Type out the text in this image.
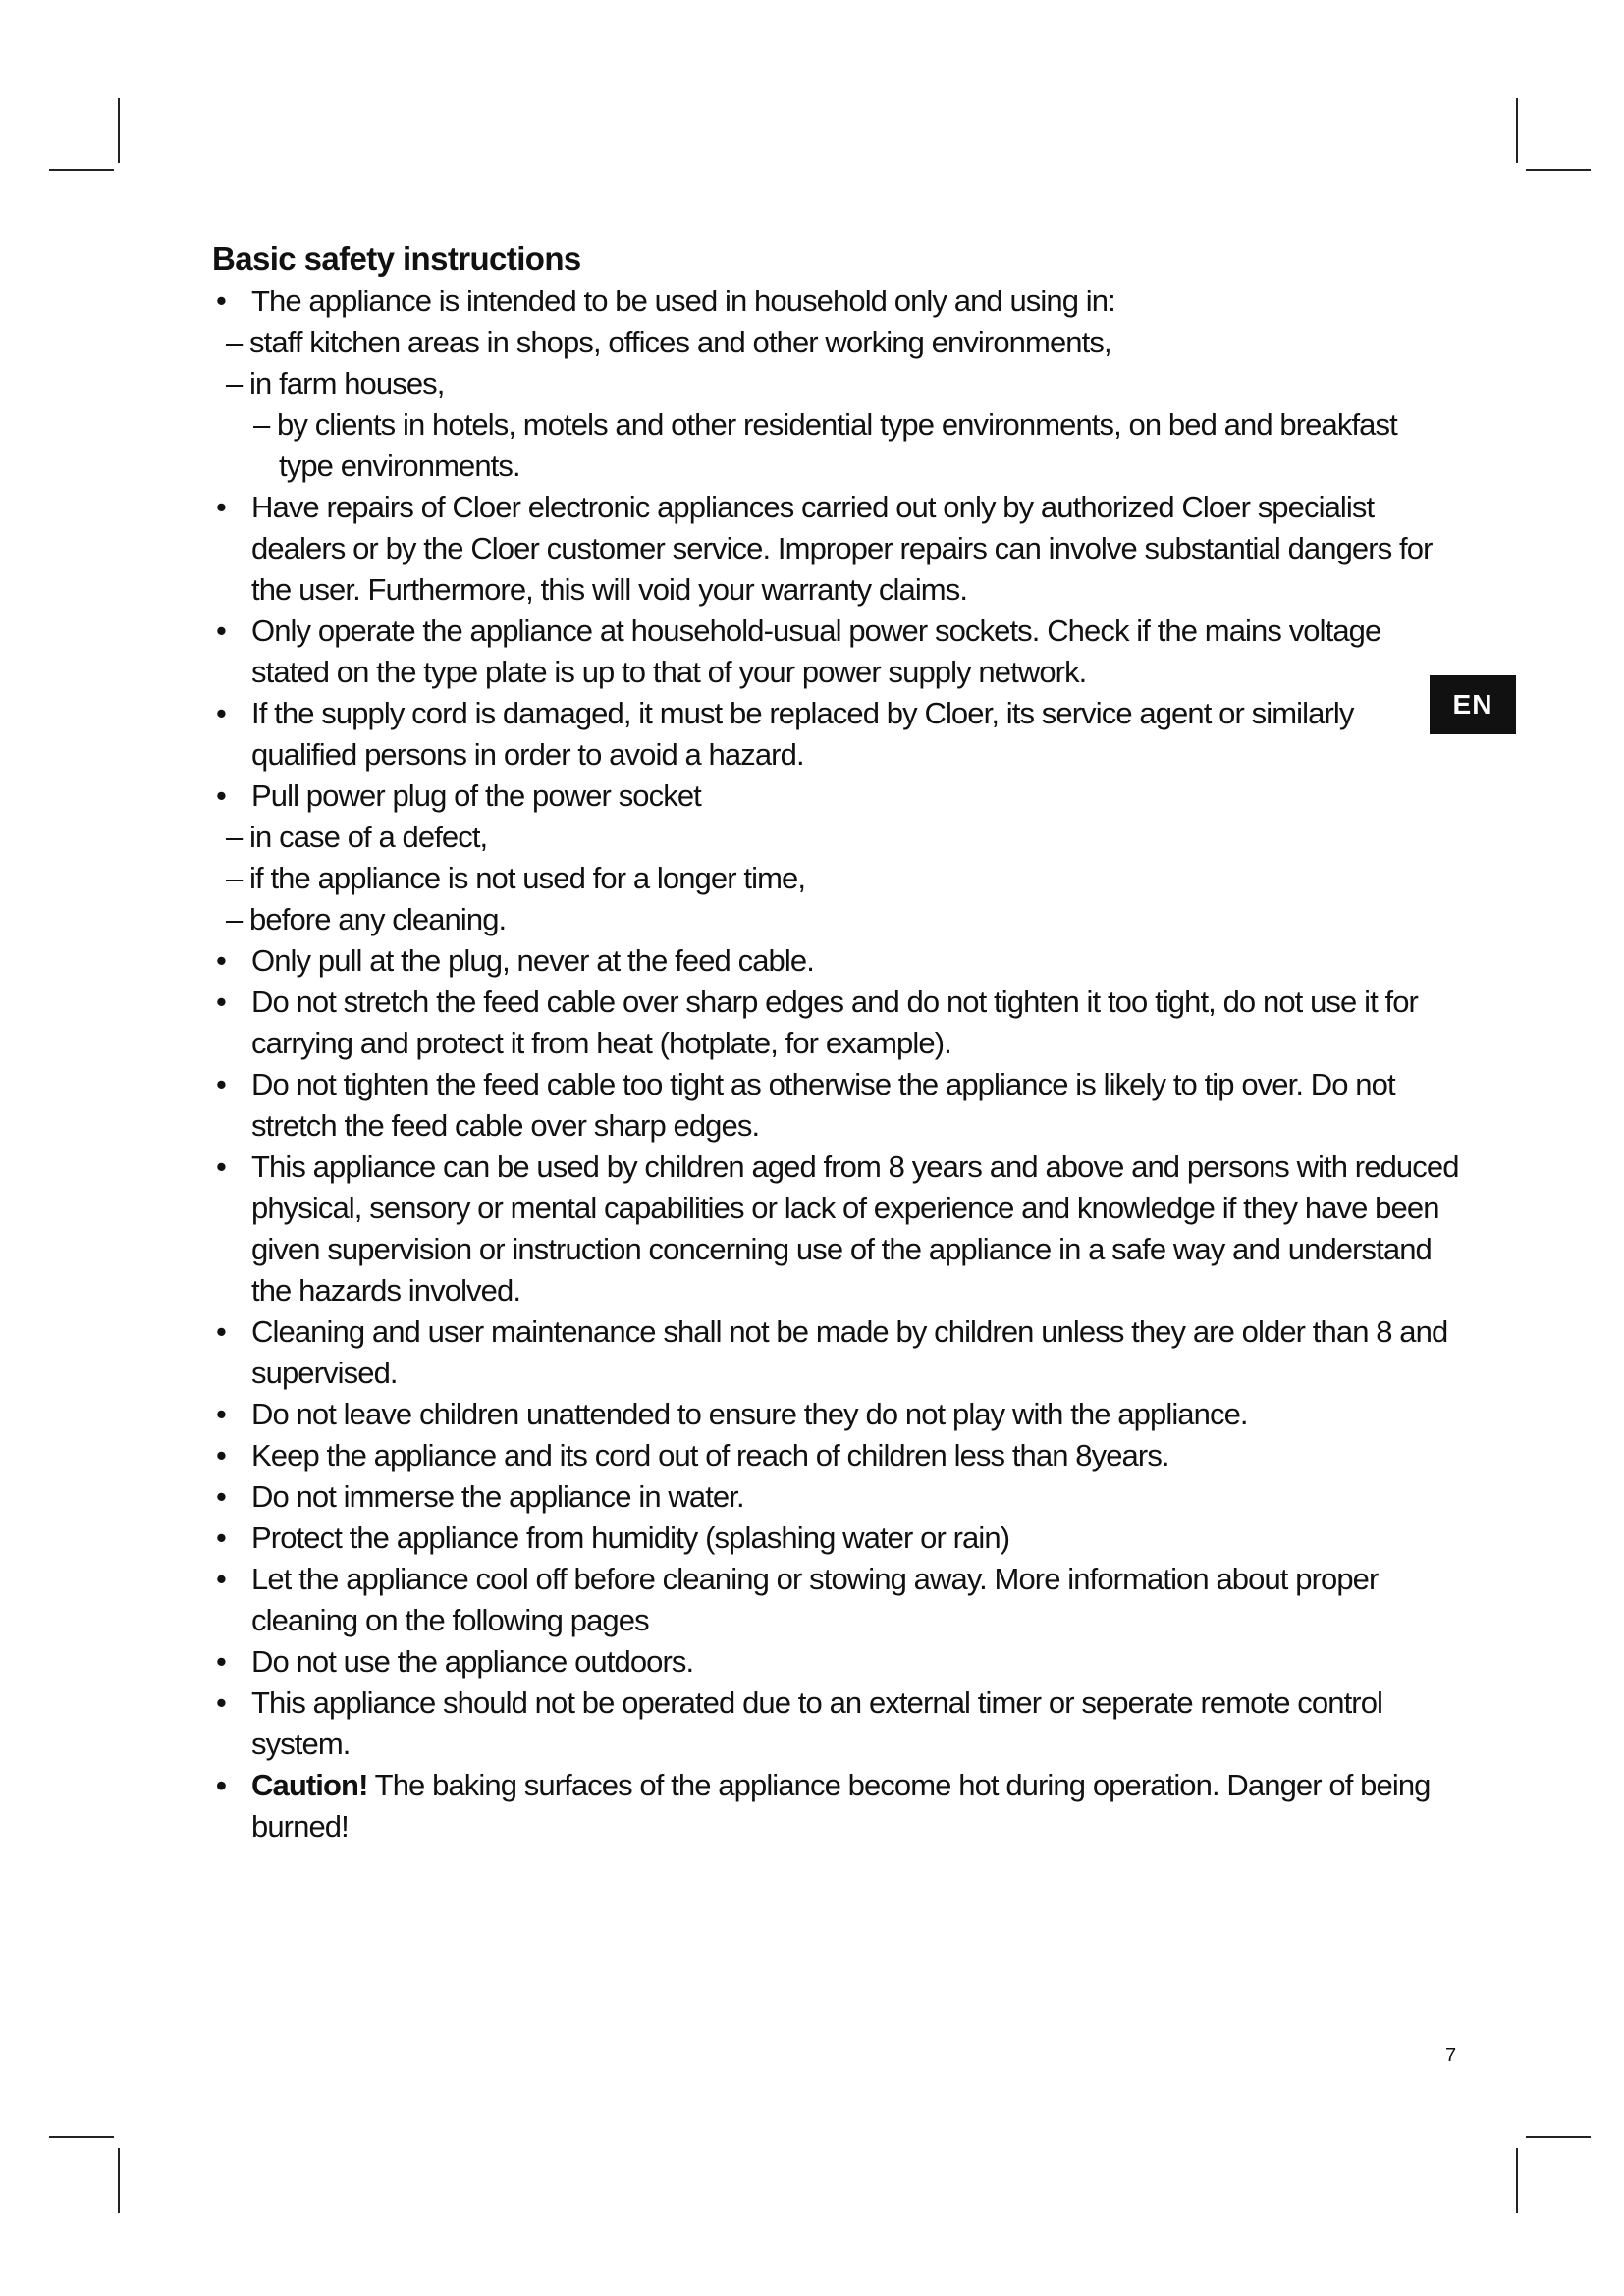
EN
Basic safety instructions
• The appliance is intended to be used in household only and using in:
– staff kitchen areas in shops, offices and other working environments,
– in farm houses,
– by clients in hotels, motels and other residential type environments, on bed and breakfast
type environments.
• Have repairs of Cloer electronic appliances carried out only by authorized Cloer specialist
dealers or by the Cloer customer service. Improper repairs can involve substantial dangers for
the user. Furthermore, this will void your warranty claims.
• Only operate the appliance at household-usual power sockets. Check if the mains voltage
stated on the type plate is up to that of your power supply network.
• If the supply cord is damaged, it must be replaced by Cloer, its service agent or similarly
qualified persons in order to avoid a hazard.
• Pull power plug of the power socket
– in case of a defect,
– if the appliance is not used for a longer time,
– before any cleaning.
• Only pull at the plug, never at the feed cable.
• Do not stretch the feed cable over sharp edges and do not tighten it too tight, do not use it for
carrying and protect it from heat (hotplate, for example).
• Do not tighten the feed cable too tight as otherwise the appliance is likely to tip over. Do not
stretch the feed cable over sharp edges.
• This appliance can be used by children aged from 8 years and above and persons with reduced
physical, sensory or mental capabilities or lack of experience and knowledge if they have been
given supervision or instruction concerning use of the appliance in a safe way and understand
the hazards involved.
• Cleaning and user maintenance shall not be made by children unless they are older than 8 and
supervised.
• Do not leave children unattended to ensure they do not play with the appliance.
• Keep the appliance and its cord out of reach of children less than 8years.
• Do not immerse the appliance in water.
• Protect the appliance from humidity (splashing water or rain)
• Let the appliance cool off before cleaning or stowing away. More information about proper
cleaning on the following pages
• Do not use the appliance outdoors.
• This appliance should not be operated due to an external timer or seperate remote control
system.
• Caution! The baking surfaces of the appliance become hot during operation. Danger of being
burned!
7
